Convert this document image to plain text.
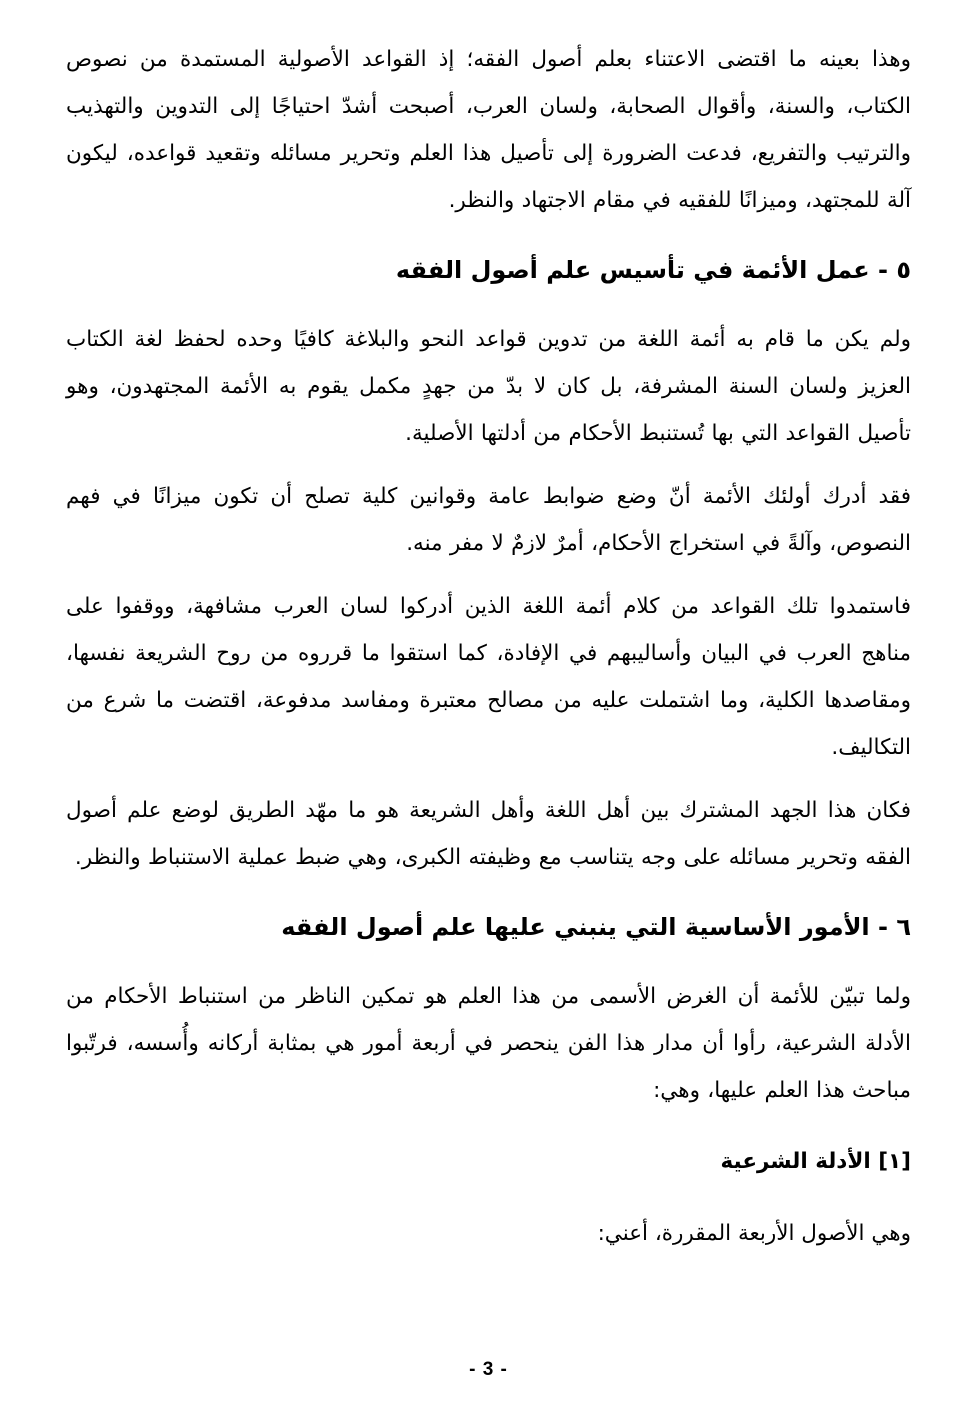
وهذا بعينه ما اقتضى الاعتناء بعلم أصول الفقه؛ إذ القواعد الأصولية المستمدة من نصوص الكتاب، والسنة، وأقوال الصحابة، ولسان العرب، أصبحت أشدّ احتياجًا إلى التدوين والتهذيب والترتيب والتفريع، فدعت الضرورة إلى تأصيل هذا العلم وتحرير مسائله وتقعيد قواعده، ليكون آلة للمجتهد، وميزانًا للفقيه في مقام الاجتهاد والنظر.

٥ - عمل الأئمة في تأسيس علم أصول الفقه

ولم يكن ما قام به أئمة اللغة من تدوين قواعد النحو والبلاغة كافيًا وحده لحفظ لغة الكتاب العزيز ولسان السنة المشرفة، بل كان لا بدّ من جهدٍ مكمل يقوم به الأئمة المجتهدون، وهو تأصيل القواعد التي بها تُستنبط الأحكام من أدلتها الأصلية.

فقد أدرك أولئك الأئمة أنّ وضع ضوابط عامة وقوانين كلية تصلح أن تكون ميزانًا في فهم النصوص، وآلةً في استخراج الأحكام، أمرٌ لازمٌ لا مفر منه.

فاستمدوا تلك القواعد من كلام أئمة اللغة الذين أدركوا لسان العرب مشافهة، ووقفوا على مناهج العرب في البيان وأساليبهم في الإفادة، كما استقوا ما قرروه من روح الشريعة نفسها، ومقاصدها الكلية، وما اشتملت عليه من مصالح معتبرة ومفاسد مدفوعة، اقتضت ما شرع من التكاليف.

فكان هذا الجهد المشترك بين أهل اللغة وأهل الشريعة هو ما مهّد الطريق لوضع علم أصول الفقه وتحرير مسائله على وجه يتناسب مع وظيفته الكبرى، وهي ضبط عملية الاستنباط والنظر.

٦ - الأمور الأساسية التي ينبني عليها علم أصول الفقه

ولما تبيّن للأئمة أن الغرض الأسمى من هذا العلم هو تمكين الناظر من استنباط الأحكام من الأدلة الشرعية، رأوا أن مدار هذا الفن ينحصر في أربعة أمور هي بمثابة أركانه وأُسسه، فرتّبوا مباحث هذا العلم عليها، وهي:

[١] الأدلة الشرعية

وهي الأصول الأربعة المقررة، أعني:

- 3 -
